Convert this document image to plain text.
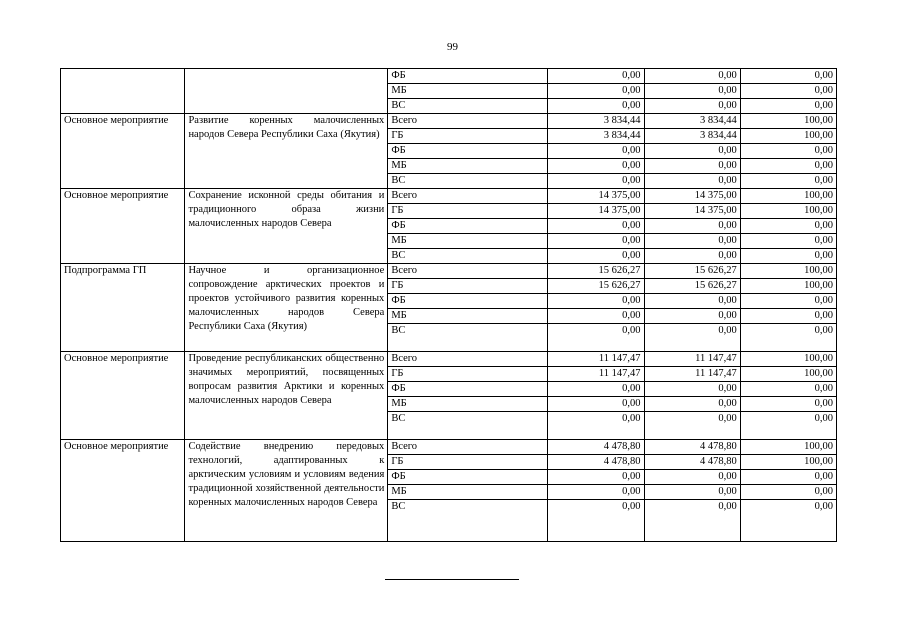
99
		ФБ	0,00	0,00	0,00
		МБ	0,00	0,00	0,00
		ВС	0,00	0,00	0,00
Основное мероприятие	Развитие коренных малочисленных народов Севера Республики Саха (Якутия)	Всего	3 834,44	3 834,44	100,00
		ГБ	3 834,44	3 834,44	100,00
		ФБ	0,00	0,00	0,00
		МБ	0,00	0,00	0,00
		ВС	0,00	0,00	0,00
Основное мероприятие	Сохранение исконной среды обитания и традиционного образа жизни малочисленных народов Севера	Всего	14 375,00	14 375,00	100,00
		ГБ	14 375,00	14 375,00	100,00
		ФБ	0,00	0,00	0,00
		МБ	0,00	0,00	0,00
		ВС	0,00	0,00	0,00
Подпрограмма ГП	Научное и организационное сопровождение арктических проектов и проектов устойчивого развития коренных малочисленных народов Севера Республики Саха (Якутия)	Всего	15 626,27	15 626,27	100,00
		ГБ	15 626,27	15 626,27	100,00
		ФБ	0,00	0,00	0,00
		МБ	0,00	0,00	0,00
		ВС	0,00	0,00	0,00
Основное мероприятие	Проведение республиканских общественно значимых мероприятий, посвященных вопросам развития Арктики и коренных малочисленных народов Севера	Всего	11 147,47	11 147,47	100,00
		ГБ	11 147,47	11 147,47	100,00
		ФБ	0,00	0,00	0,00
		МБ	0,00	0,00	0,00
		ВС	0,00	0,00	0,00
Основное мероприятие	Содействие внедрению передовых технологий, адаптированных к арктическим условиям и условиям ведения традиционной хозяйственной деятельности коренных малочисленных народов Севера	Всего	4 478,80	4 478,80	100,00
		ГБ	4 478,80	4 478,80	100,00
		ФБ	0,00	0,00	0,00
		МБ	0,00	0,00	0,00
		ВС	0,00	0,00	0,00
